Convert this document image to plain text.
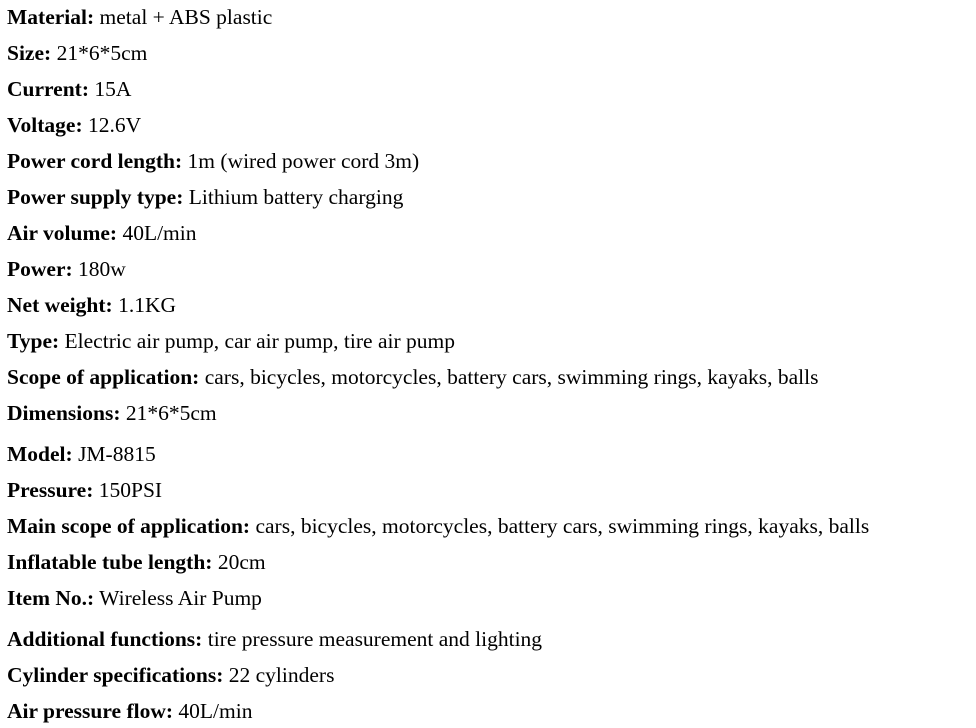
Material: metal + ABS plastic
Size: 21*6*5cm
Current: 15A
Voltage: 12.6V
Power cord length: 1m (wired power cord 3m)
Power supply type: Lithium battery charging
Air volume: 40L/min
Power: 180w
Net weight: 1.1KG
Type: Electric air pump, car air pump, tire air pump
Scope of application: cars, bicycles, motorcycles, battery cars, swimming rings, kayaks, balls
Dimensions: 21*6*5cm
Model: JM-8815
Pressure: 150PSI
Main scope of application: cars, bicycles, motorcycles, battery cars, swimming rings, kayaks, balls
Inflatable tube length: 20cm
Item No.: Wireless Air Pump
Additional functions: tire pressure measurement and lighting
Cylinder specifications: 22 cylinders
Air pressure flow: 40L/min
